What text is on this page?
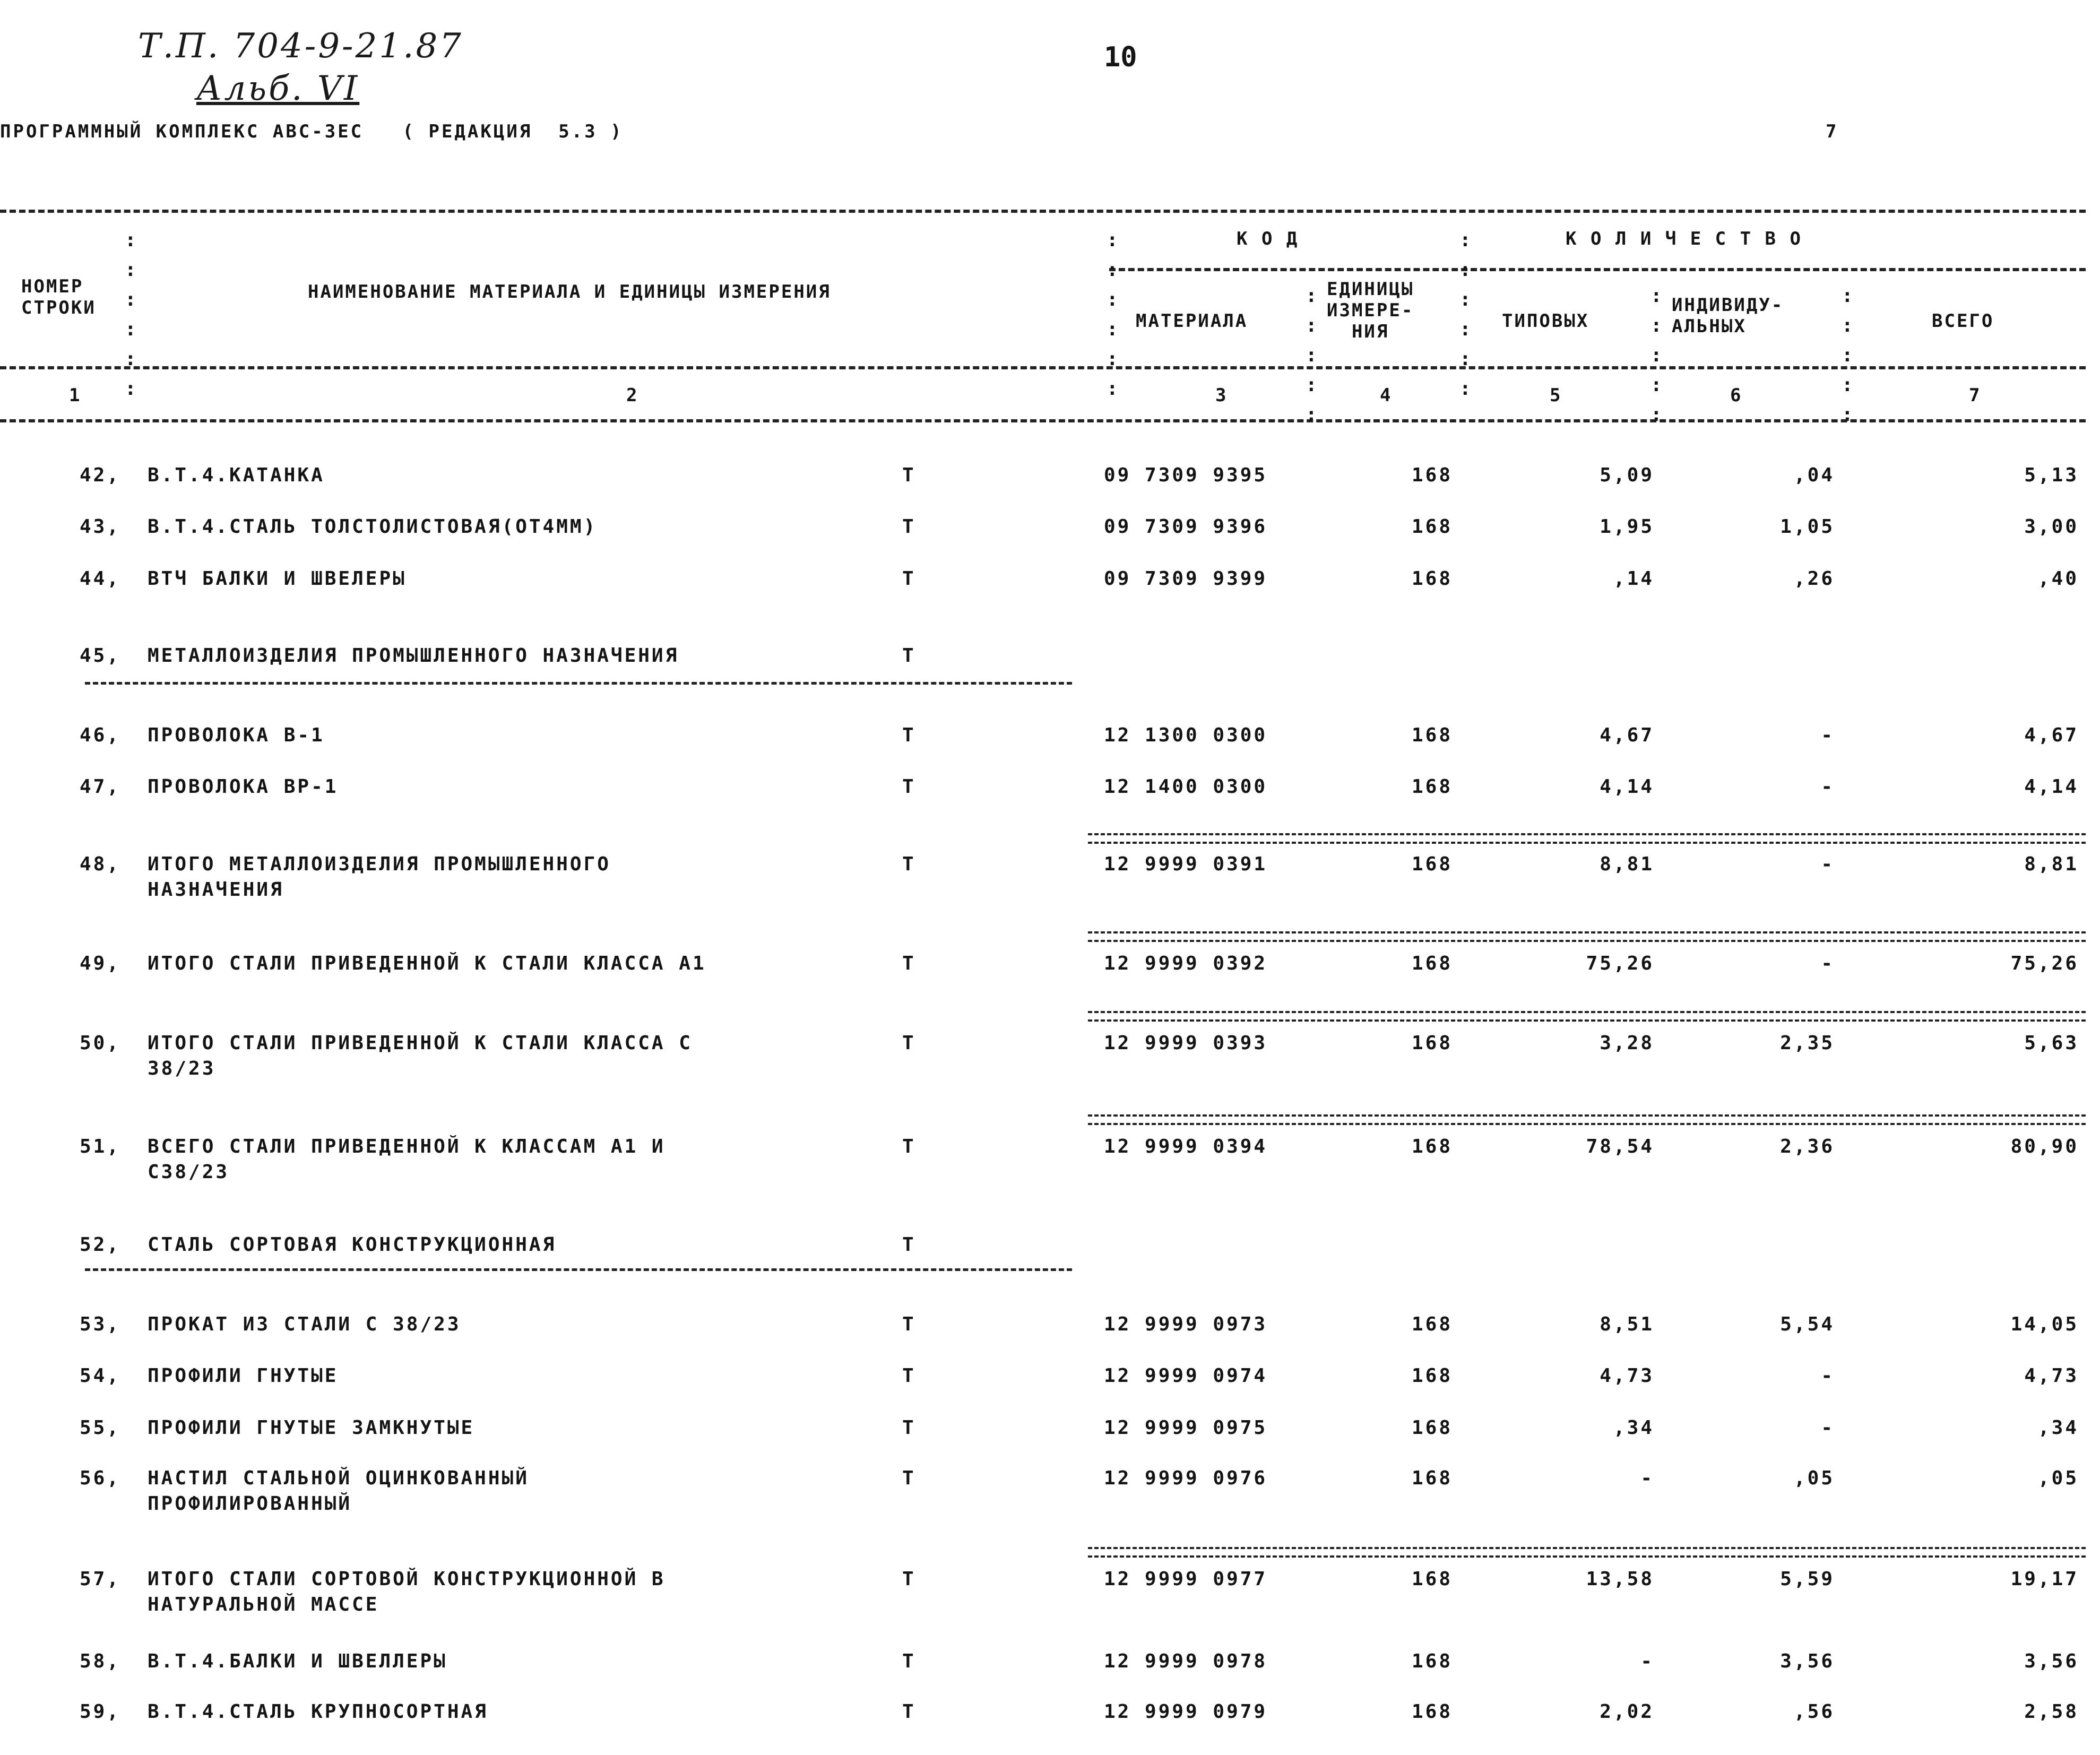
Т.П. 704-9-21.87
Альб. VI
10
ПРОГРАММНЫЙ КОМПЛЕКС АВС-ЗЕС   ( РЕДАКЦИЯ  5.3 )	7
НОМЕР
СТРОКИ
НАИМЕНОВАНИЕ МАТЕРИАЛА И ЕДИНИЦЫ ИЗМЕРЕНИЯ
К О Д
МАТЕРИАЛА
ЕДИНИЦЫ
ИЗМЕРЕ-
НИЯ
К О Л И Ч Е С Т В О
ТИПОВЫХ
ИНДИВИДУ-
АЛЬНЫХ	ВСЕГО
:
:
:
:
:
:
:
:
:
:
:
:
:
:
:
:
:
:
:
:
:
:
:
:
:
:
:
:
:
:
:
:
:
1	2	3	4	5	6	7
42, В.Т.4.КАТАНКА	Т	09 7309 9395	168	5,09	,04	5,13
43, В.Т.4.СТАЛЬ ТОЛСТОЛИСТОВАЯ(ОТ4ММ)	Т	09 7309 9396	168	1,95	1,05	3,00
44, ВТЧ БАЛКИ И ШВЕЛЕРЫ	Т	09 7309 9399	168	,14	,26	,40
45, МЕТАЛЛОИЗДЕЛИЯ ПРОМЫШЛЕННОГО НАЗНАЧЕНИЯ	Т
46, ПРОВОЛОКА В-1	Т	12 1300 0300	168	4,67	-	4,67
47, ПРОВОЛОКА ВР-1	Т	12 1400 0300	168	4,14	-	4,14
48, ИТОГО МЕТАЛЛОИЗДЕЛИЯ ПРОМЫШЛЕННОГО
НАЗНАЧЕНИЯ
Т	12 9999 0391	168	8,81	-	8,81
49, ИТОГО СТАЛИ ПРИВЕДЕННОЙ К СТАЛИ КЛАССА А1	Т	12 9999 0392	168	75,26	-	75,26
50, ИТОГО СТАЛИ ПРИВЕДЕННОЙ К СТАЛИ КЛАССА С
38/23
Т	12 9999 0393	168	3,28	2,35	5,63
51, ВСЕГО СТАЛИ ПРИВЕДЕННОЙ К КЛАССАМ А1 И
С38/23
Т	12 9999 0394	168	78,54	2,36	80,90
52, СТАЛЬ СОРТОВАЯ КОНСТРУКЦИОННАЯ	Т
53, ПРОКАТ ИЗ СТАЛИ С 38/23	Т	12 9999 0973	168	8,51	5,54	14,05
54, ПРОФИЛИ ГНУТЫЕ	Т	12 9999 0974	168	4,73	-	4,73
55, ПРОФИЛИ ГНУТЫЕ ЗАМКНУТЫЕ	Т	12 9999 0975	168	,34	-	,34
56, НАСТИЛ СТАЛЬНОЙ ОЦИНКОВАННЫЙ
ПРОФИЛИРОВАННЫЙ
Т	12 9999 0976	168	-	,05	,05
57, ИТОГО СТАЛИ СОРТОВОЙ КОНСТРУКЦИОННОЙ В
НАТУРАЛЬНОЙ МАССЕ
Т	12 9999 0977	168	13,58	5,59	19,17
58, В.Т.4.БАЛКИ И ШВЕЛЛЕРЫ	Т	12 9999 0978	168	-	3,56	3,56
59, В.Т.4.СТАЛЬ КРУПНОСОРТНАЯ	Т	12 9999 0979	168	2,02	,56	2,58
